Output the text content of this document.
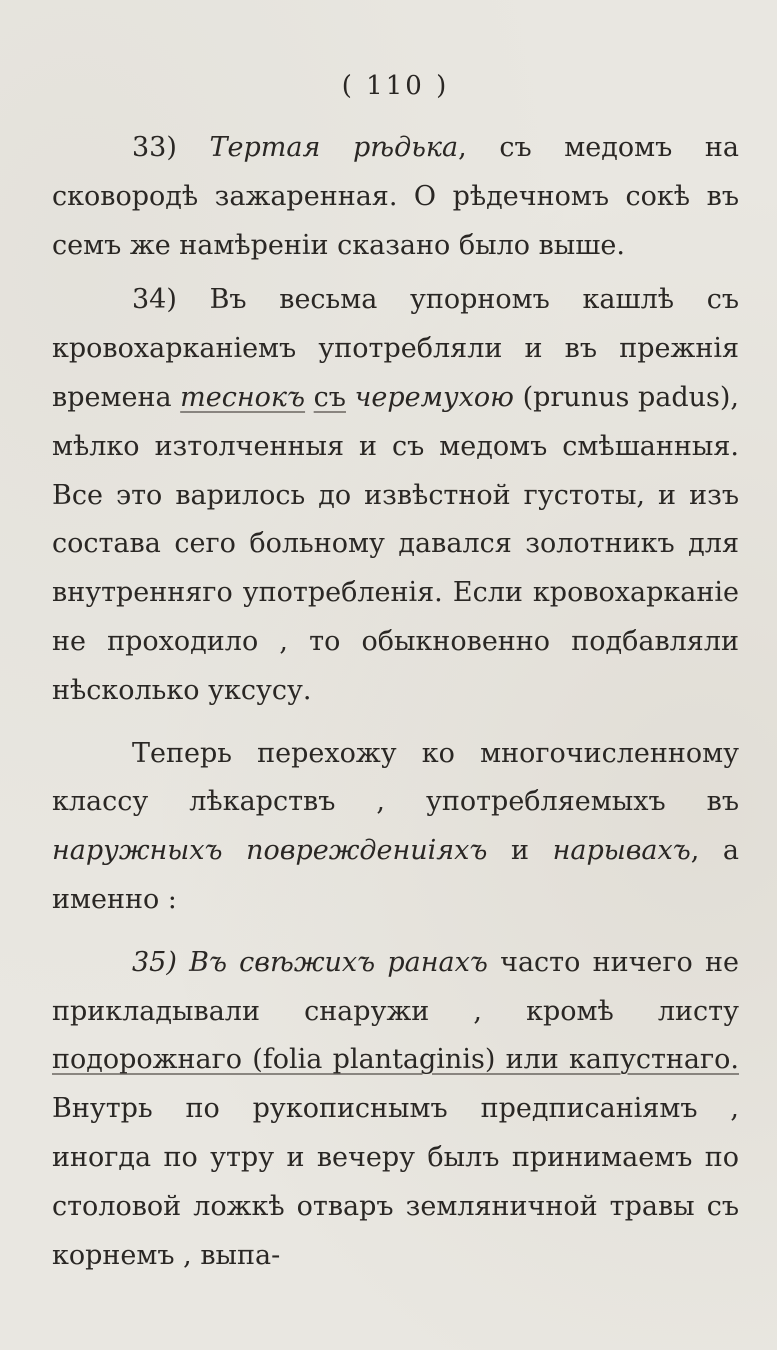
( 110 )

33) Тертая рѣдька, съ медомъ на сковородѣ зажаренная. О рѣдечномъ сокѣ въ семъ же намѣренiи сказано было выше.

34) Въ весьма упорномъ кашлѣ съ кровохарканiемъ употребляли и въ прежнiя времена теснокъ съ черемухою (prunus padus), мѣлко изтолченныя и съ медомъ смѣшанныя. Все это варилось до извѣстной густоты, и изъ состава сего больному давался золотникъ для внутренняго употребленiя. Если кровохарканiе не проходило , то обыкновенно подбавляли нѣсколько уксусу.

Теперь перехожу ко многочисленному классу лѣкарствъ , употребляемыхъ въ наружныхъ повреждениiяхъ и нарывахъ, а именно :

35) Въ свѣжихъ ранахъ часто ничего не прикладывали снаружи , кромѣ листу подорожнаго (folia plantaginis) или капустнаго. Внутрь по рукописнымъ предписанiямъ , иногда по утру и вечеру былъ принимаемъ по столовой ложкѣ отваръ земляничной травы съ корнемъ , выпа-
